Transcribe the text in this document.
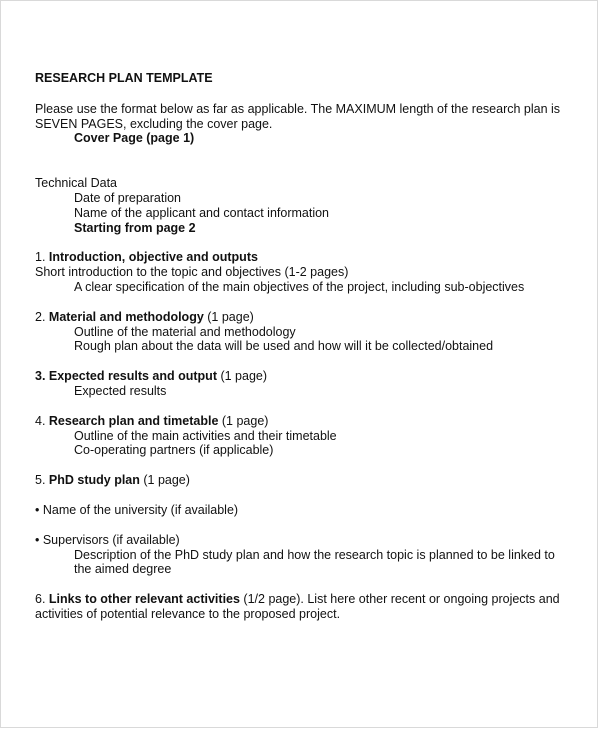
RESEARCH PLAN TEMPLATE
Please use the format below as far as applicable. The MAXIMUM length of the research plan is
SEVEN PAGES, excluding the cover page.
Cover Page (page 1)
Technical Data
Date of preparation
Name of the applicant and contact information
Starting from page 2
1. Introduction, objective and outputs
Short introduction to the topic and objectives (1-2 pages)
A clear specification of the main objectives of the project, including sub-objectives
2. Material and methodology (1 page)
Outline of the material and methodology
Rough plan about the data will be used and how will it be collected/obtained
3. Expected results and output (1 page)
Expected results
4. Research plan and timetable (1 page)
Outline of the main activities and their timetable
Co-operating partners (if applicable)
5. PhD study plan (1 page)
• Name of the university (if available)
• Supervisors (if available)
Description of the PhD study plan and how the research topic is planned to be linked to
the aimed degree
6. Links to other relevant activities (1/2 page). List here other recent or ongoing projects and
activities of potential relevance to the proposed project.
